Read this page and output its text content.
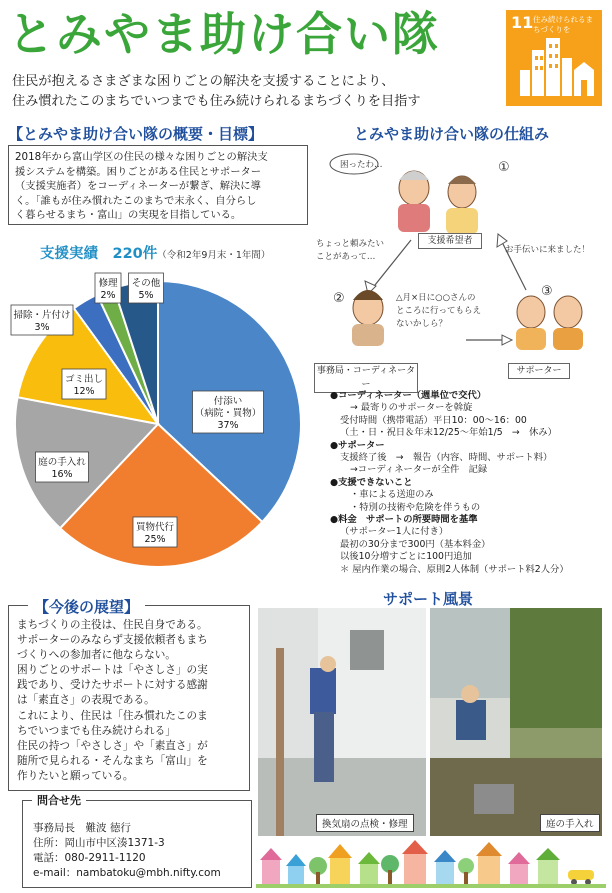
とみやま助け合い隊
住民が抱えるさまざまな困りごとの解決を支援することにより、
住み慣れたこのまちでいつまでも住み続けられるまちづくりを目指す
11 住み続けられるまちづくりを
【とみやま助け合い隊の概要・目標】
2018年から富山学区の住民の様々な困りごとの解決支
援システムを構築。困りごとがある住民とサポーター
（支援実施者）をコーディネーターが繋ぎ、解決に導
く。「誰もが住み慣れたこのまちで末永く、自分らし
く暮らせるまち・富山」の実現を目指している。
支援実績　220件（令和2年9月末・1年間）
付添い
（病院・買物）
37%
買物代行
25%
庭の手入れ
16%
ゴミ出し
12%
掃除・片付け
3%
修理
2%
その他
5%
とみやま助け合い隊の仕組み
困ったわ…	①
②	③
支援希望者
事務局・コーディネーター
サポーター
ちょっと頼みたい
ことがあって…
お手伝いに来ました！
△月×日に○○さんの
ところに行ってもらえ
ないかしら？
●コーディネーター（週単位で交代）
→ 最寄りのサポーターを斡旋
受付時間（携帯電話）平日10：00～16：00
（土・日・祝日＆年末12/25～年始1/5　→　休み）
●サポーター
支援終了後　→　報告（内容、時間、サポート料）
→コーディネーターが全件　記録
●支援できないこと
・車による送迎のみ
・特別の技術や危険を伴うもの
●料金　サポートの所要時間を基準
（サポーター1人に付き）
最初の30分まで300円（基本料金）
以後10分増すごとに100円追加
＊ 屋内作業の場合、原則2人体制（サポート料2人分）
まちづくりの主役は、住民自身である。
サポーターのみならず支援依頼者もまち
づくりへの参加者に他ならない。
困りごとのサポートは「やさしさ」の実
践であり、受けたサポートに対する感謝
は「素直さ」の表現である。
これにより、住民は「住み慣れたこのま
ちでいつまでも住み続けられる」
住民の持つ「やさしさ」や「素直さ」が
随所で見られる・そんなまち「富山」を
作りたいと願っている。
【今後の展望】	サポート風景
換気扇の点検・修理	庭の手入れ
事務局長　難波 徳行
住所：岡山市中区湊1371-3
電話：080-2911-1120
e-mail：nambatoku@mbh.nifty.com
問合せ先
